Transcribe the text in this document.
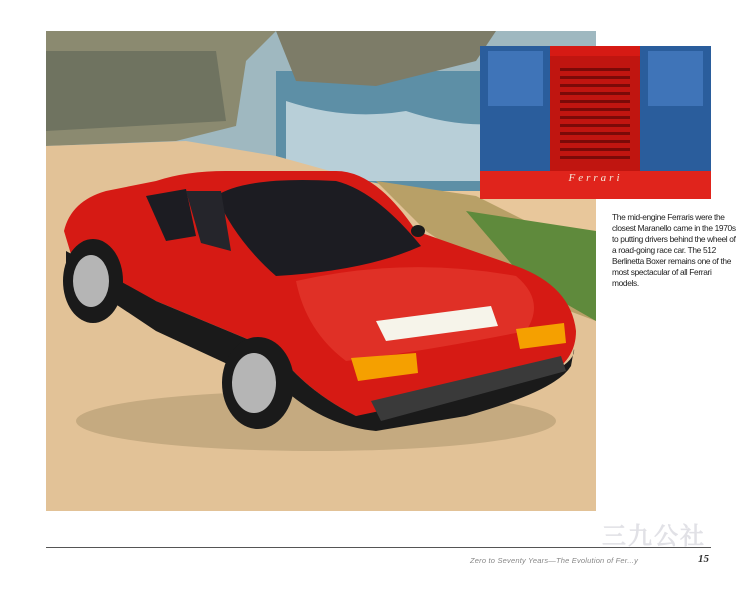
Ferrari
The mid-engine Ferraris were the closest Maranello came in the 1970s to putting drivers behind the wheel of a road-going race car. The 512 Berlinetta Boxer remains one of the most spectacular of all Ferrari models.
Zero to Seventy Years—The Evolution of Fer...y	15
三九公社
